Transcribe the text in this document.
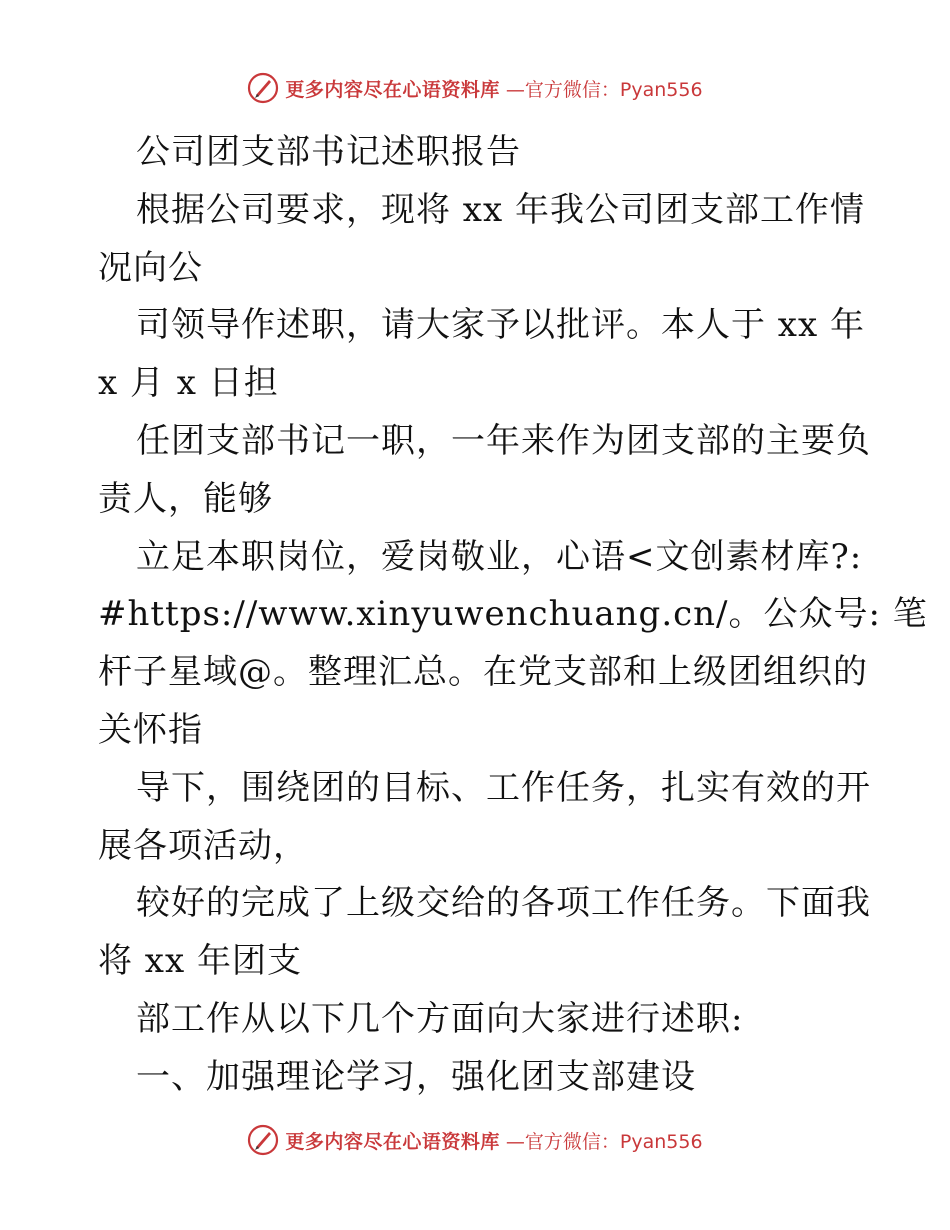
更多内容尽在心语资料库 —官方微信：Pyan556
公司团支部书记述职报告
根据公司要求，现将 xx 年我公司团支部工作情
况向公
司领导作述职，请大家予以批评。本人于 xx 年
x 月 x 日担
任团支部书记一职，一年来作为团支部的主要负
责人，能够
立足本职岗位，爱岗敬业，心语<文创素材库?:
#https://www.xinyuwenchuang.cn/。公众号: 笔
杆子星域@。整理汇总。在党支部和上级团组织的
关怀指
导下，围绕团的目标、工作任务，扎实有效的开
展各项活动，
较好的完成了上级交给的各项工作任务。下面我
将 xx 年团支
部工作从以下几个方面向大家进行述职:
一、加强理论学习，强化团支部建设
更多内容尽在心语资料库 —官方微信：Pyan556
